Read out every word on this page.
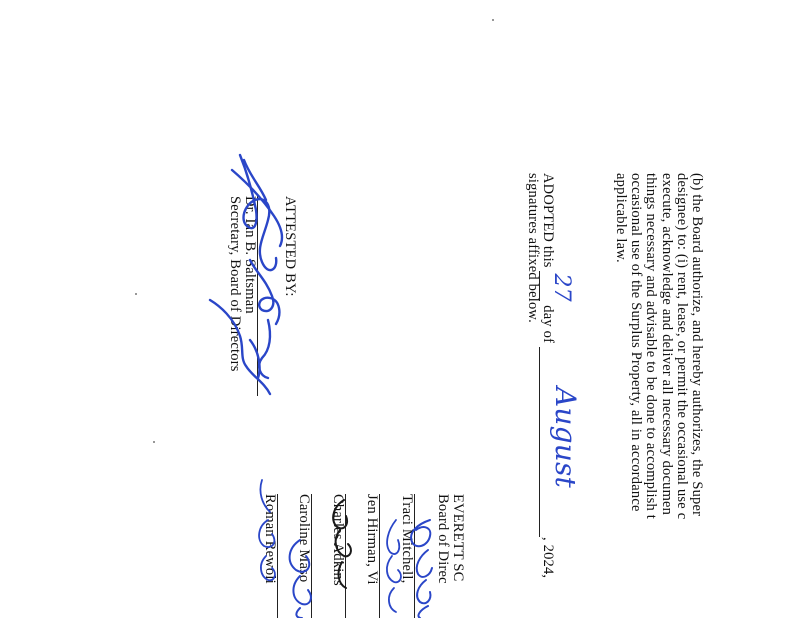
(b) the Board authorize, and hereby authorizes, the Super
designee) to: (i) rent, lease, or permit the occasional use c
execute, acknowledge and deliver all necessary documen
things necessary and advisable to be done to accomplish t
occasional use of the Surplus Property, all in accordance
applicable law.
ADOPTED this
27
day of
August
, 2024,
signatures affixed below.
ATTESTED BY:
Dr. Ian B. Saltsman
Secretary, Board of Directors
EVERETT SC
Board of Direc
Traci Mitchell,
Jen Hirman, Vi
Charles Adkins
Caroline Maso
Roman Rewoli
